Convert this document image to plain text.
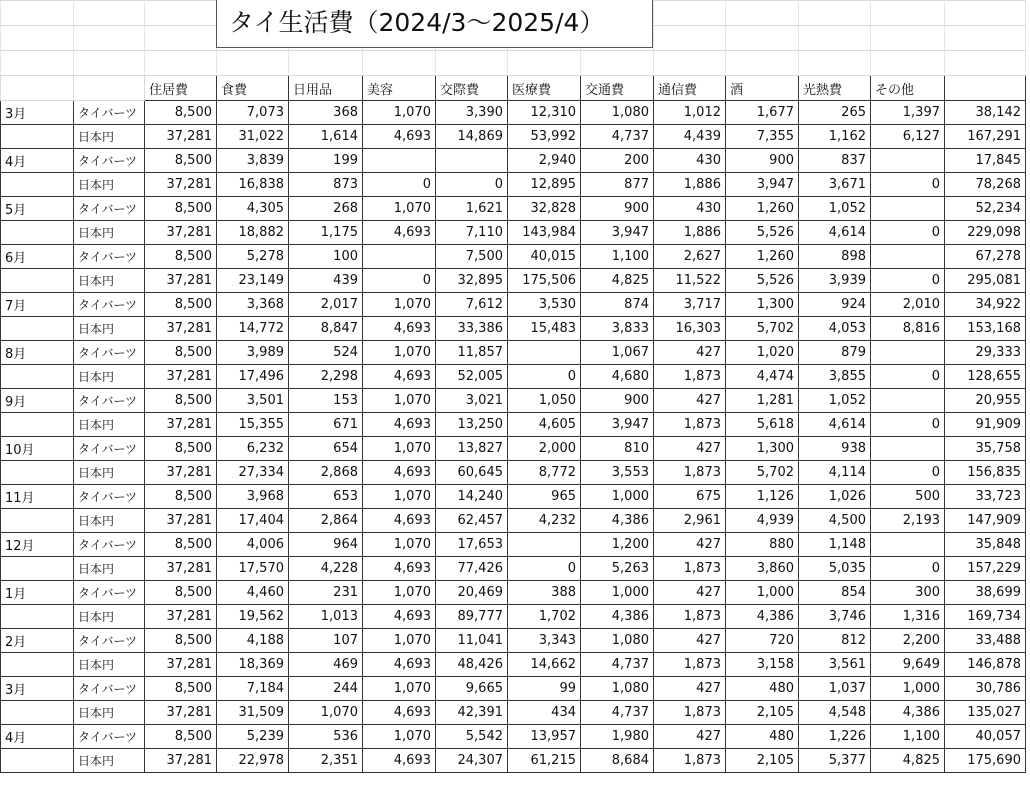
		住居費	食費	日用品	美容	交際費	医療費	交通費	通信費	酒	光熱費	その他	
3月	タイバーツ	8,500	7,073	368	1,070	3,390	12,310	1,080	1,012	1,677	265	1,397	38,142
	日本円	37,281	31,022	1,614	4,693	14,869	53,992	4,737	4,439	7,355	1,162	6,127	167,291
4月	タイバーツ	8,500	3,839	199			2,940	200	430	900	837		17,845
	日本円	37,281	16,838	873	0	0	12,895	877	1,886	3,947	3,671	0	78,268
5月	タイバーツ	8,500	4,305	268	1,070	1,621	32,828	900	430	1,260	1,052		52,234
	日本円	37,281	18,882	1,175	4,693	7,110	143,984	3,947	1,886	5,526	4,614	0	229,098
6月	タイバーツ	8,500	5,278	100		7,500	40,015	1,100	2,627	1,260	898		67,278
	日本円	37,281	23,149	439	0	32,895	175,506	4,825	11,522	5,526	3,939	0	295,081
7月	タイバーツ	8,500	3,368	2,017	1,070	7,612	3,530	874	3,717	1,300	924	2,010	34,922
	日本円	37,281	14,772	8,847	4,693	33,386	15,483	3,833	16,303	5,702	4,053	8,816	153,168
8月	タイバーツ	8,500	3,989	524	1,070	11,857		1,067	427	1,020	879		29,333
	日本円	37,281	17,496	2,298	4,693	52,005	0	4,680	1,873	4,474	3,855	0	128,655
9月	タイバーツ	8,500	3,501	153	1,070	3,021	1,050	900	427	1,281	1,052		20,955
	日本円	37,281	15,355	671	4,693	13,250	4,605	3,947	1,873	5,618	4,614	0	91,909
10月	タイバーツ	8,500	6,232	654	1,070	13,827	2,000	810	427	1,300	938		35,758
	日本円	37,281	27,334	2,868	4,693	60,645	8,772	3,553	1,873	5,702	4,114	0	156,835
11月	タイバーツ	8,500	3,968	653	1,070	14,240	965	1,000	675	1,126	1,026	500	33,723
	日本円	37,281	17,404	2,864	4,693	62,457	4,232	4,386	2,961	4,939	4,500	2,193	147,909
12月	タイバーツ	8,500	4,006	964	1,070	17,653		1,200	427	880	1,148		35,848
	日本円	37,281	17,570	4,228	4,693	77,426	0	5,263	1,873	3,860	5,035	0	157,229
1月	タイバーツ	8,500	4,460	231	1,070	20,469	388	1,000	427	1,000	854	300	38,699
	日本円	37,281	19,562	1,013	4,693	89,777	1,702	4,386	1,873	4,386	3,746	1,316	169,734
2月	タイバーツ	8,500	4,188	107	1,070	11,041	3,343	1,080	427	720	812	2,200	33,488
	日本円	37,281	18,369	469	4,693	48,426	14,662	4,737	1,873	3,158	3,561	9,649	146,878
3月	タイバーツ	8,500	7,184	244	1,070	9,665	99	1,080	427	480	1,037	1,000	30,786
	日本円	37,281	31,509	1,070	4,693	42,391	434	4,737	1,873	2,105	4,548	4,386	135,027
4月	タイバーツ	8,500	5,239	536	1,070	5,542	13,957	1,980	427	480	1,226	1,100	40,057
	日本円	37,281	22,978	2,351	4,693	24,307	61,215	8,684	1,873	2,105	5,377	4,825	175,690
タイ生活費（2024/3～2025/4）
